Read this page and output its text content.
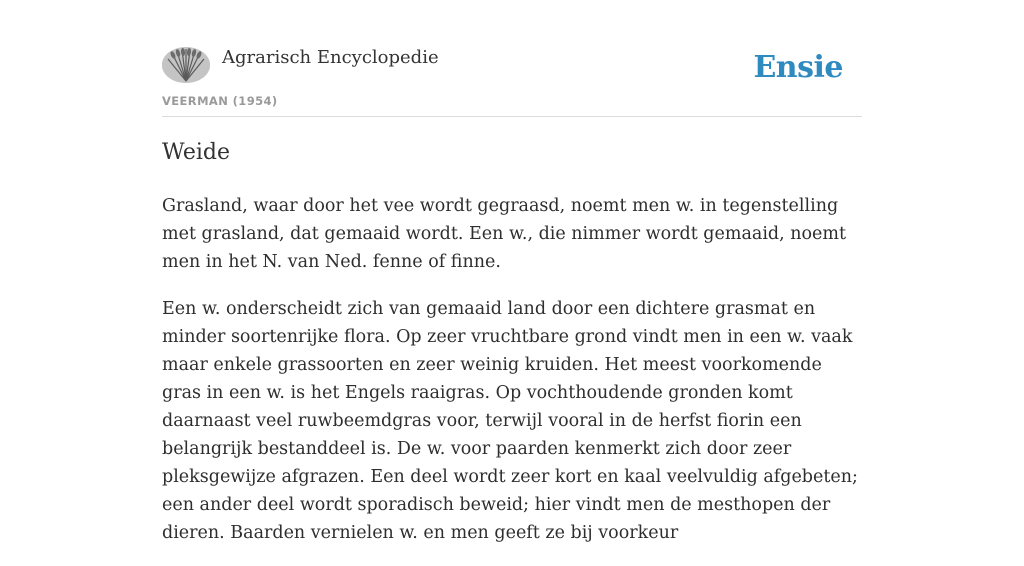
Agrarisch Encyclopedie
VEERMAN (1954)
Ensie
Weide

Grasland, waar door het vee wordt gegraasd, noemt men w. in tegenstelling met grasland, dat gemaaid wordt. Een w., die nimmer wordt gemaaid, noemt men in het N. van Ned. fenne of finne.

Een w. onderscheidt zich van gemaaid land door een dichtere grasmat en minder soortenrijke flora. Op zeer vruchtbare grond vindt men in een w. vaak maar enkele grassoorten en zeer weinig kruiden. Het meest voorkomende gras in een w. is het Engels raaigras. Op vochthoudende gronden komt daarnaast veel ruwbeemdgras voor, terwijl vooral in de herfst fiorin een belangrijk bestanddeel is. De w. voor paarden kenmerkt zich door zeer pleksgewijze afgrazen. Een deel wordt zeer kort en kaal veelvuldig afgebeten; een ander deel wordt sporadisch beweid; hier vindt men de mesthopen der dieren. Baarden vernielen w. en men geeft ze bij voorkeur
